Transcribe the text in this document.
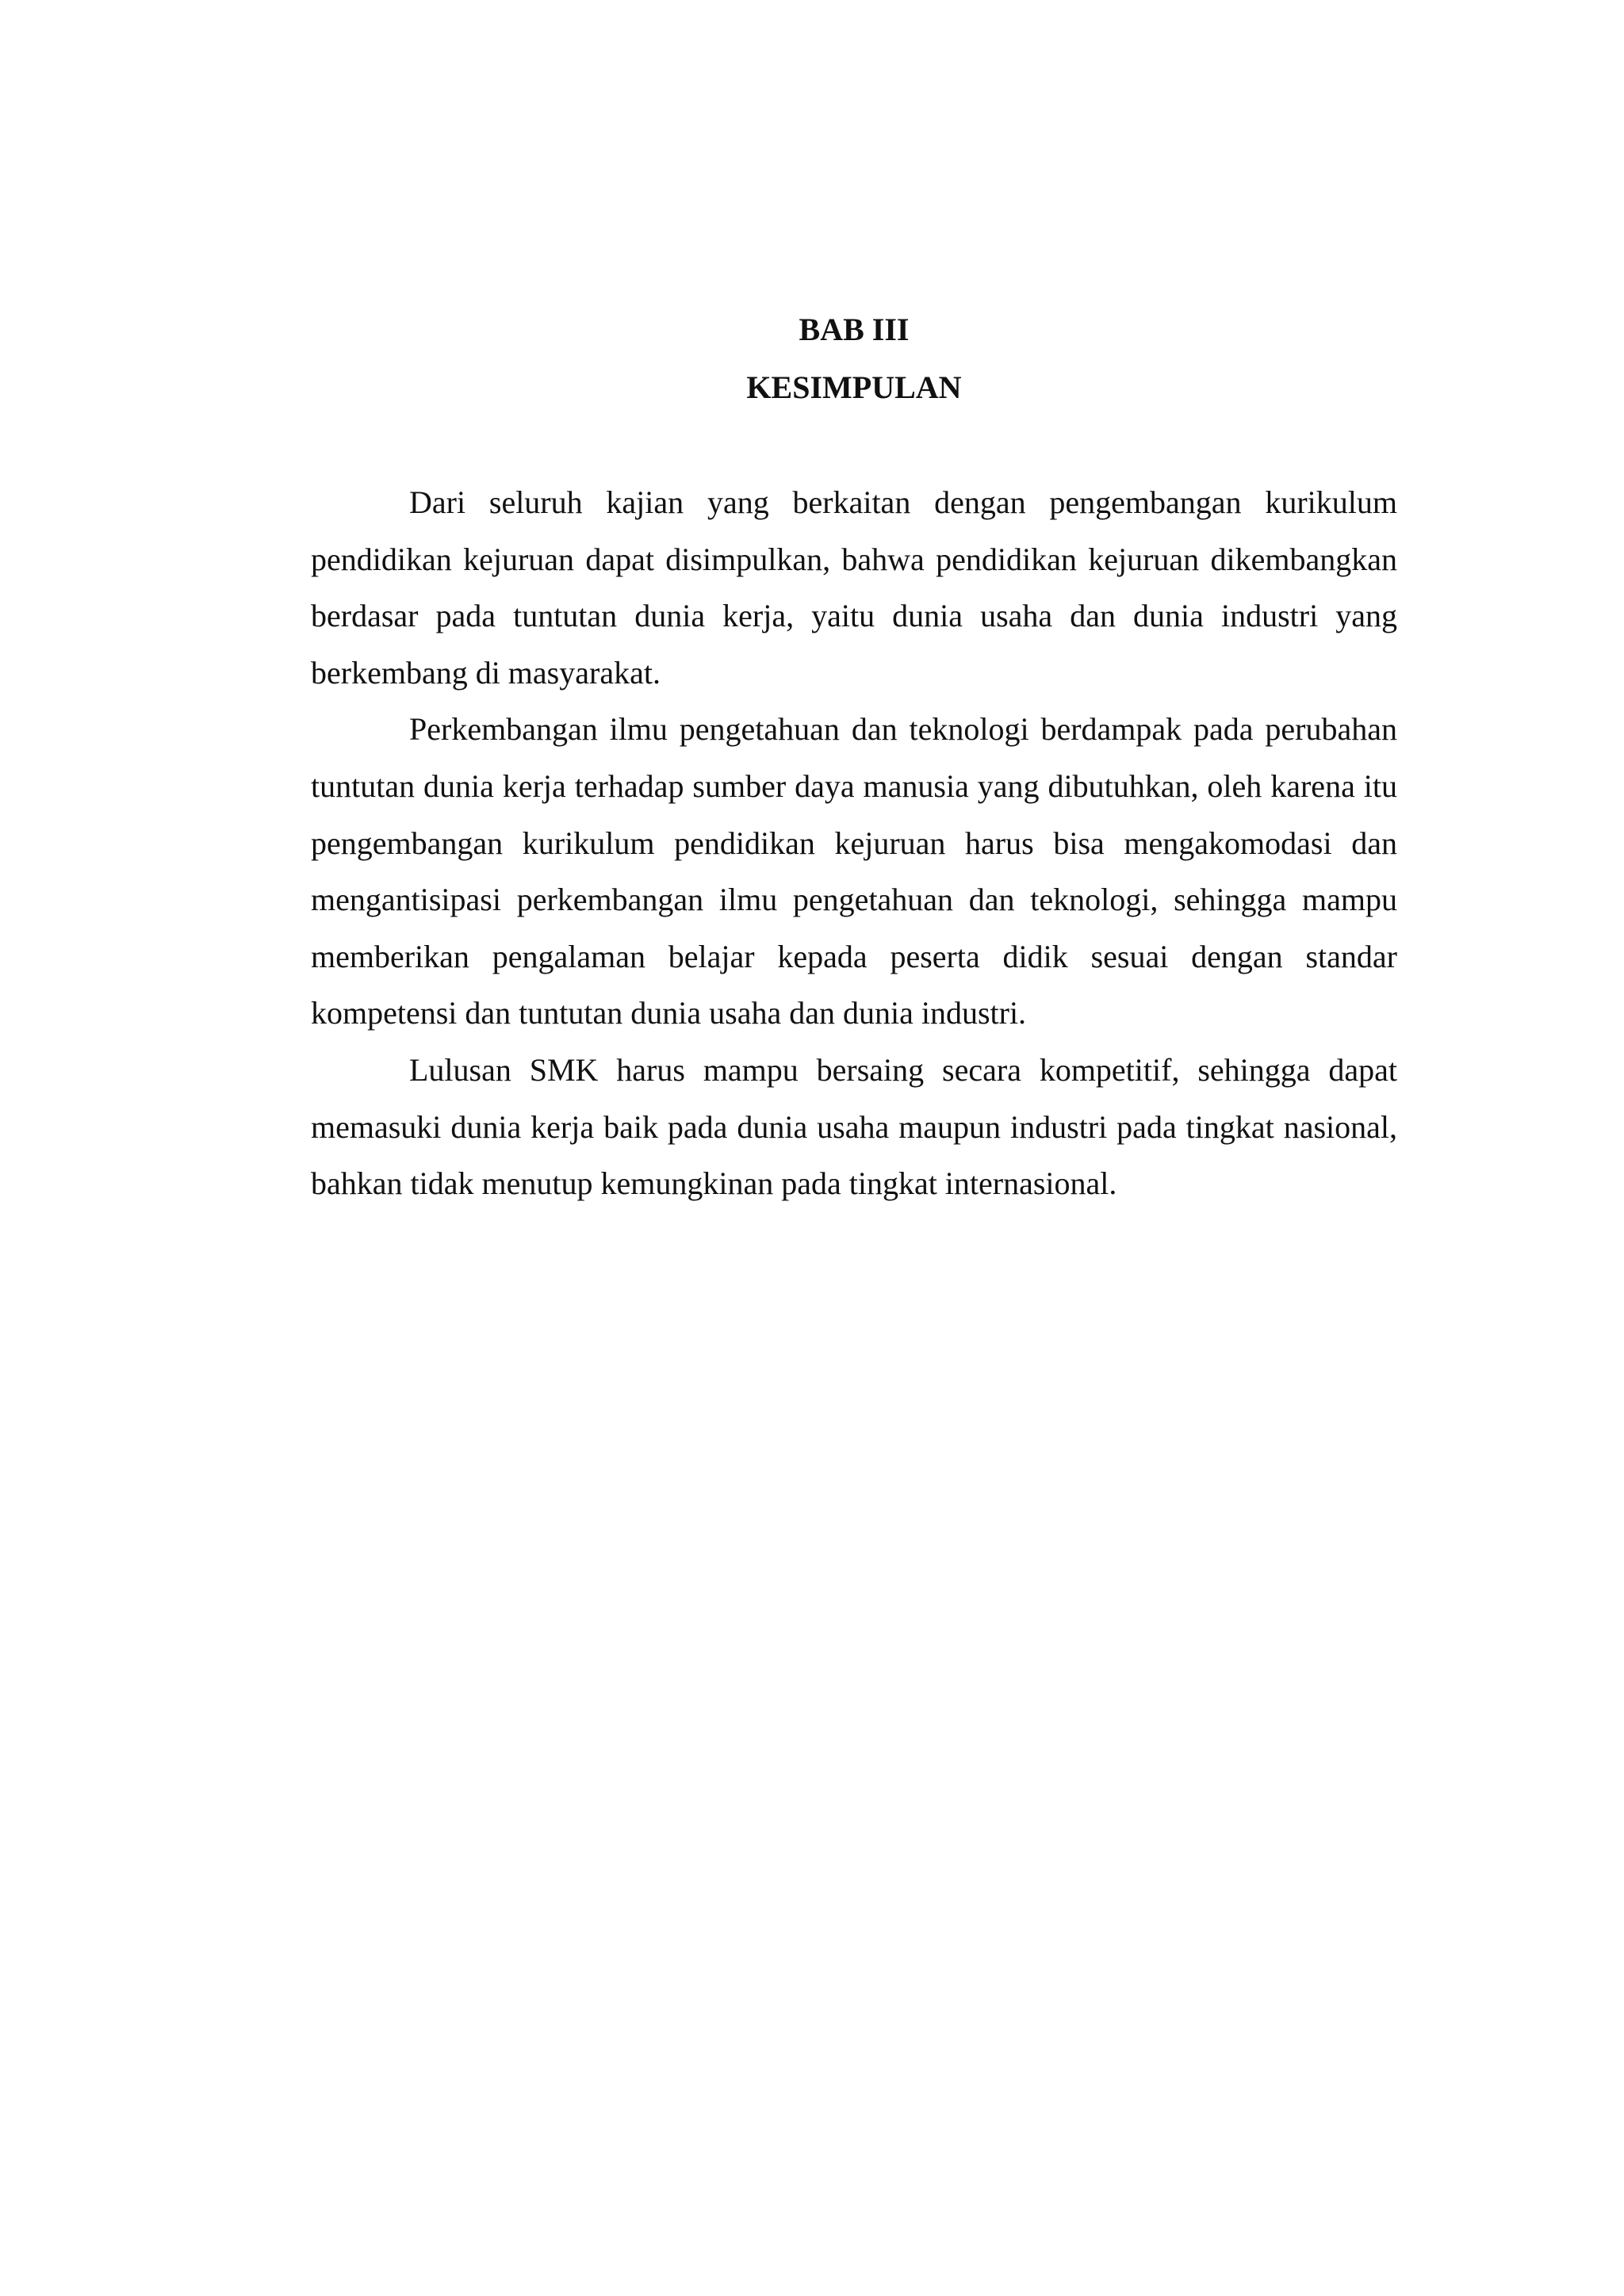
BAB III
KESIMPULAN

Dari seluruh kajian yang berkaitan dengan pengembangan kurikulum pendidikan kejuruan dapat disimpulkan, bahwa pendidikan kejuruan dikembangkan berdasar pada tuntutan dunia kerja, yaitu dunia usaha dan dunia industri yang berkembang di masyarakat.

Perkembangan ilmu pengetahuan dan teknologi berdampak pada perubahan tuntutan dunia kerja terhadap sumber daya manusia yang dibutuhkan, oleh karena itu pengembangan kurikulum pendidikan kejuruan harus bisa mengakomodasi dan mengantisipasi perkembangan ilmu pengetahuan dan teknologi, sehingga mampu memberikan pengalaman belajar kepada peserta didik sesuai dengan standar kompetensi dan tuntutan dunia usaha dan dunia industri.

Lulusan SMK harus mampu bersaing secara kompetitif, sehingga dapat memasuki dunia kerja baik pada dunia usaha maupun industri pada tingkat nasional, bahkan tidak menutup kemungkinan pada tingkat internasional.
